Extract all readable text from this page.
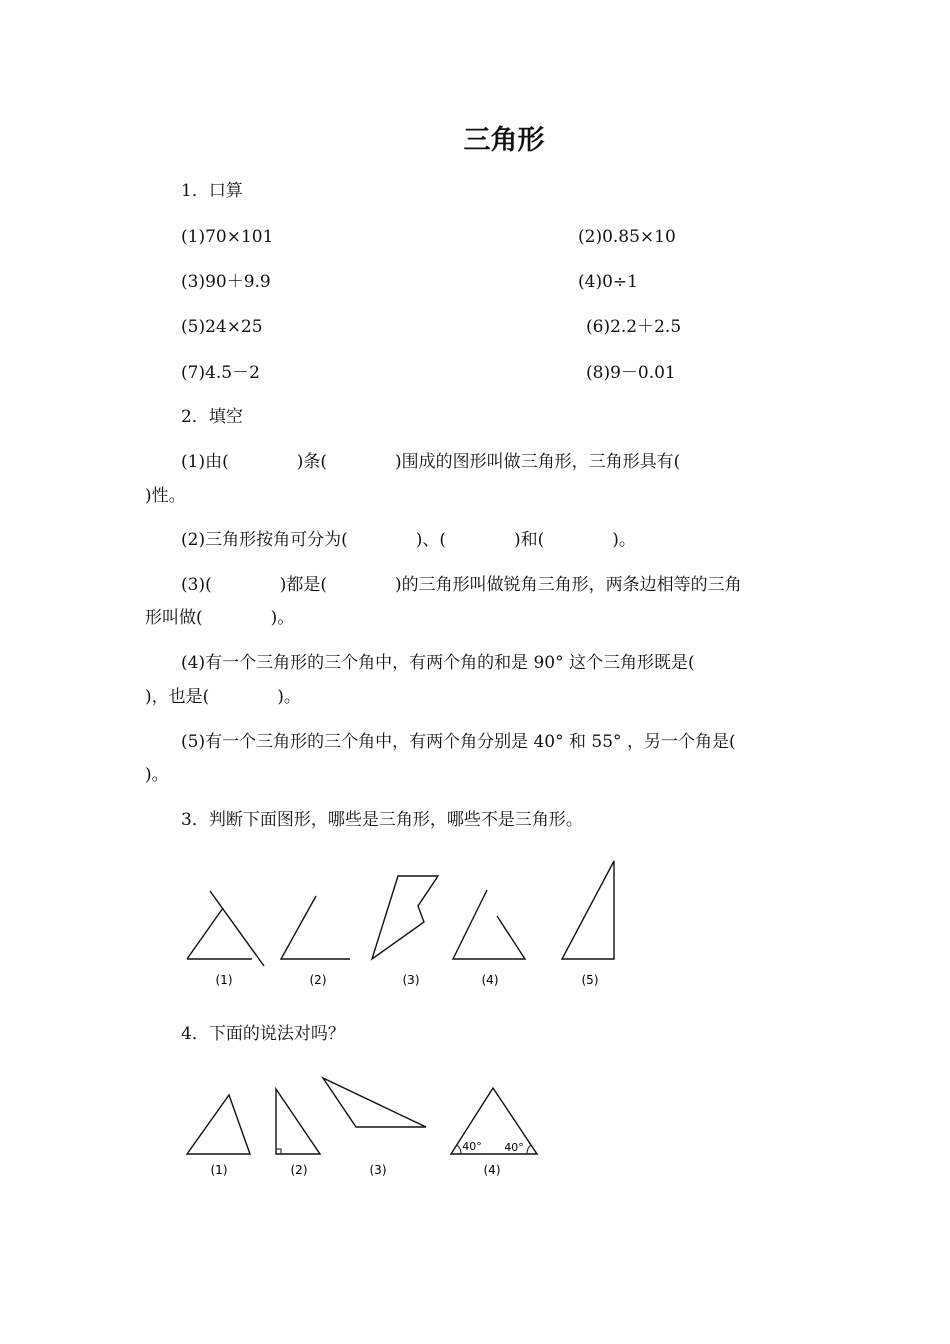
三角形
1．口算
(1)70×101	(2)0.85×10
(3)90＋9.9	(4)0÷1
(5)24×25	(6)2.2＋2.5
(7)4.5－2	(8)9－0.01
2．填空
(1)由(　　　　)条(　　　　)围成的图形叫做三角形，三角形具有(
)性。
(2)三角形按角可分为(　　　　)、(　　　　)和(　　　　)。
(3)(　　　　)都是(　　　　)的三角形叫做锐角三角形，两条边相等的三角
形叫做(　　　　)。
(4)有一个三角形的三个角中，有两个角的和是 90° 这个三角形既是(
)，也是(　　　　)。
(5)有一个三角形的三个角中，有两个角分别是 40° 和 55° ，另一个角是(
)。
3．判断下面图形，哪些是三角形，哪些不是三角形。
4．下面的说法对吗？
(1)	(2)	(3)	(4)	(5)
(1)	(2)	(3)	(4)
40° 40°
